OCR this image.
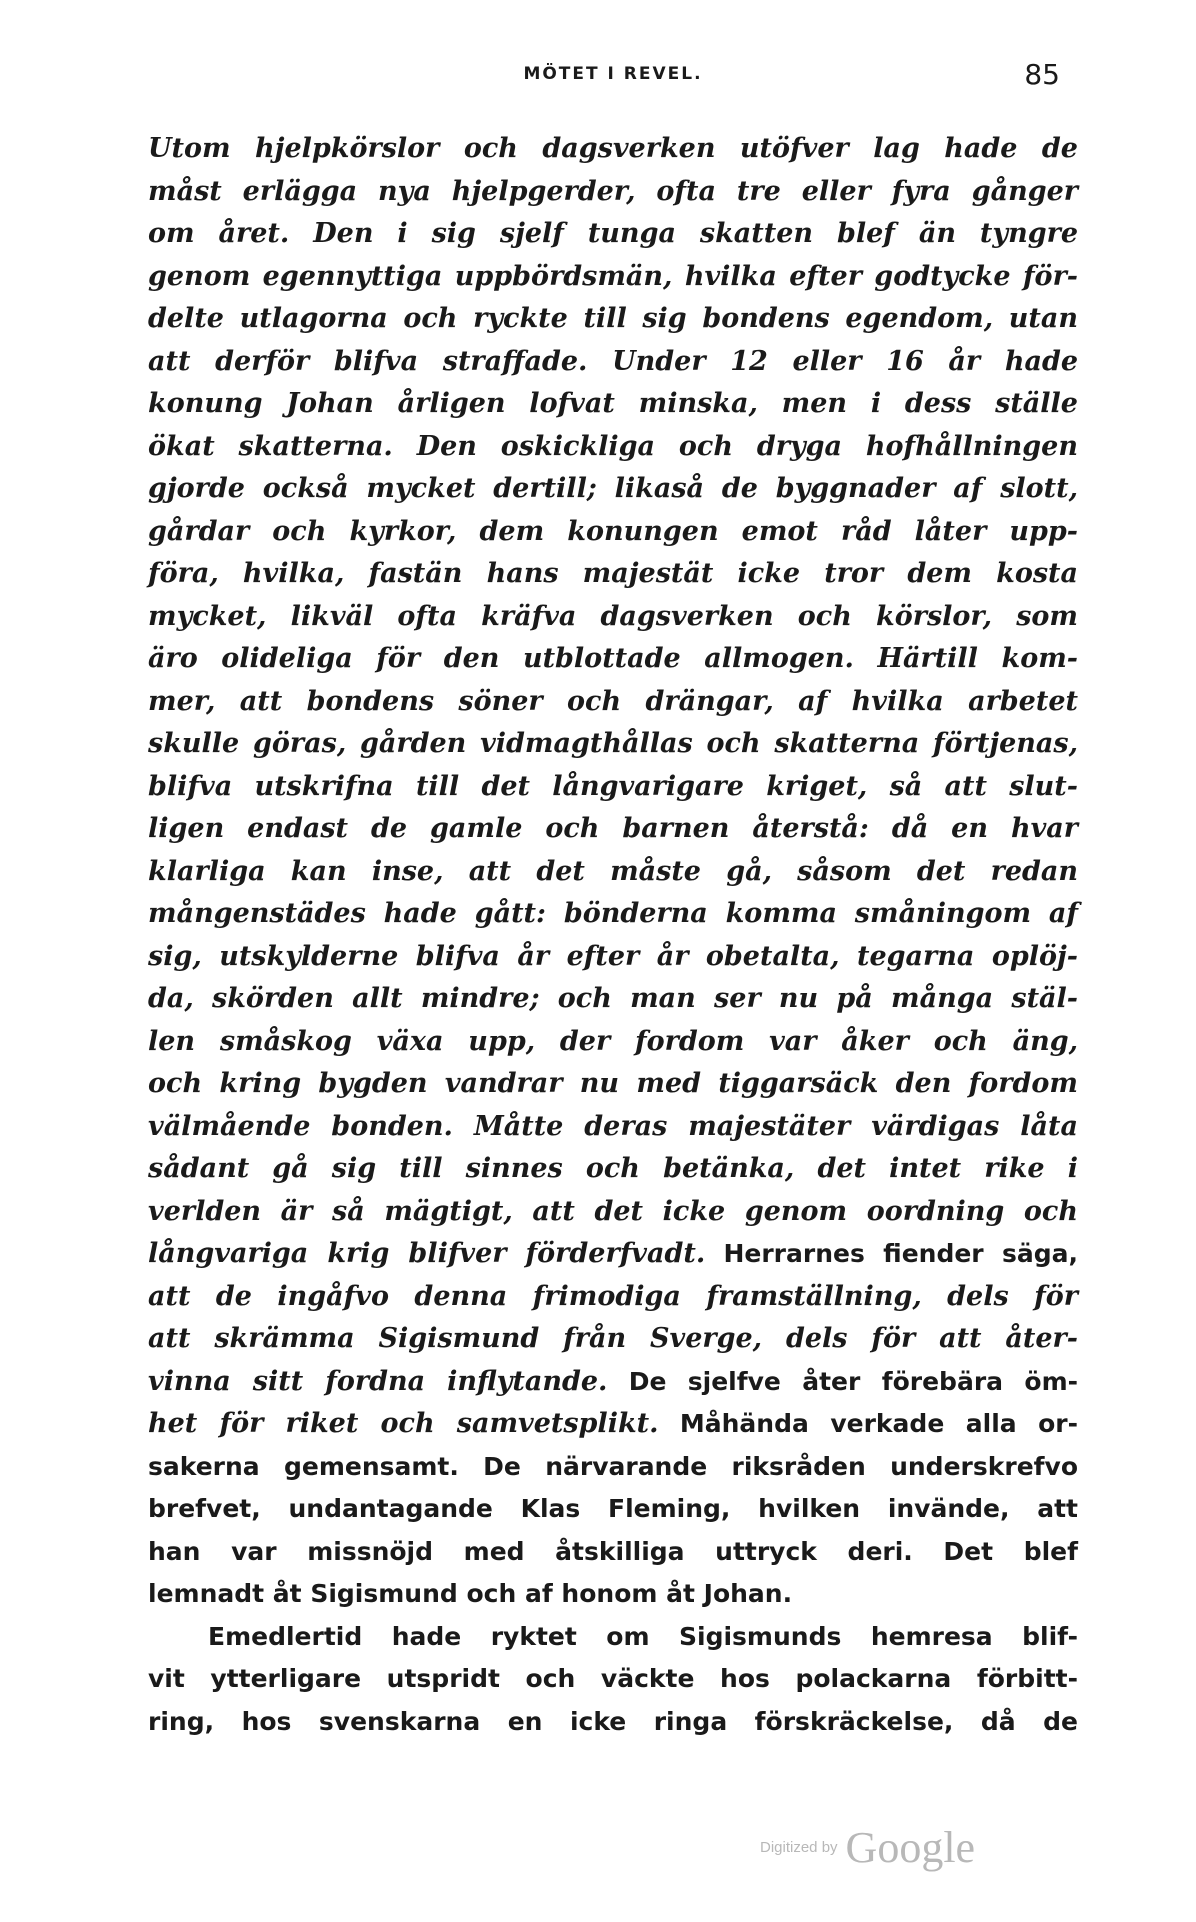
MÖTET I REVEL.	85
Utom hjelpkörslor och dagsverken utöfver lag hade de
måst erlägga nya hjelpgerder, ofta tre eller fyra gånger
om året. Den i sig sjelf tunga skatten blef än tyngre
genom egennyttiga uppbördsmän, hvilka efter godtycke för-
delte utlagorna och ryckte till sig bondens egendom, utan
att derför blifva straffade. Under 12 eller 16 år hade
konung Johan årligen lofvat minska, men i dess ställe
ökat skatterna. Den oskickliga och dryga hofhållningen
gjorde också mycket dertill; likaså de byggnader af slott,
gårdar och kyrkor, dem konungen emot råd låter upp-
föra, hvilka, fastän hans majestät icke tror dem kosta
mycket, likväl ofta kräfva dagsverken och körslor, som
äro olideliga för den utblottade allmogen. Härtill kom-
mer, att bondens söner och drängar, af hvilka arbetet
skulle göras, gården vidmagthållas och skatterna förtjenas,
blifva utskrifna till det långvarigare kriget, så att slut-
ligen endast de gamle och barnen återstå: då en hvar
klarliga kan inse, att det måste gå, såsom det redan
mångenstädes hade gått: bönderna komma småningom af
sig, utskylderne blifva år efter år obetalta, tegarna oplöj-
da, skörden allt mindre; och man ser nu på många stäl-
len småskog växa upp, der fordom var åker och äng,
och kring bygden vandrar nu med tiggarsäck den fordom
välmående bonden. Måtte deras majestäter värdigas låta
sådant gå sig till sinnes och betänka, det intet rike i
verlden är så mägtigt, att det icke genom oordning och
långvariga krig blifver förderfvadt. Herrarnes fiender säga,
att de ingåfvo denna frimodiga framställning, dels för
att skrämma Sigismund från Sverge, dels för att åter-
vinna sitt fordna inflytande. De sjelfve åter förebära öm-
het för riket och samvetsplikt. Måhända verkade alla or-
sakerna gemensamt. De närvarande riksråden underskrefvo
brefvet, undantagande Klas Fleming, hvilken invände, att
han var missnöjd med åtskilliga uttryck deri. Det blef
lemnadt åt Sigismund och af honom åt Johan.
Emedlertid hade ryktet om Sigismunds hemresa blif-
vit ytterligare utspridt och väckte hos polackarna förbitt-
ring, hos svenskarna en icke ringa förskräckelse, då de
Digitized by Google
